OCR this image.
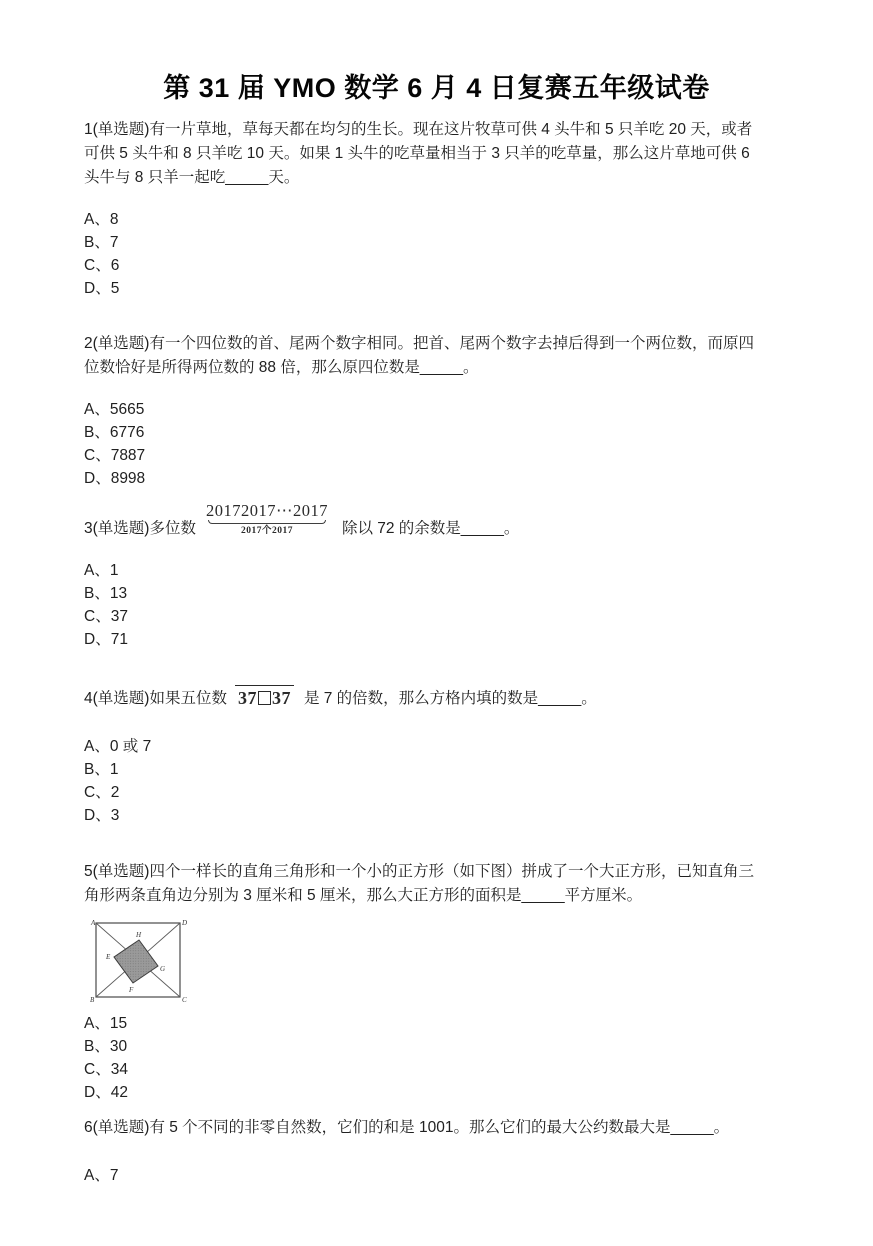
第 31 届 YMO 数学 6 月 4 日复赛五年级试卷
1(单选题)有一片草地，草每天都在均匀的生长。现在这片牧草可供 4 头牛和 5 只羊吃 20 天，或者
可供 5 头牛和 8 只羊吃 10 天。如果 1 头牛的吃草量相当于 3 只羊的吃草量，那么这片草地可供 6
头牛与 8 只羊一起吃_____天。
A、8
B、7
C、6
D、5
2(单选题)有一个四位数的首、尾两个数字相同。把首、尾两个数字去掉后得到一个两位数，而原四
位数恰好是所得两位数的 88 倍，那么原四位数是_____。
A、5665
B、6776
C、7887
D、8998
3(单选题)多位数
20172017⋯2017
2017个2017	除以 72 的余数是_____。
A、1
B、13
C、37
D、71
4(单选题)如果五位数 37 37 是 7 的倍数，那么方格内填的数是_____。
A、0 或 7
B、1
C、2
D、3
5(单选题)四个一样长的直角三角形和一个小的正方形（如下图）拼成了一个大正方形，已知直角三
角形两条直角边分别为 3 厘米和 5 厘米，那么大正方形的面积是_____平方厘米。
A	D
B	C
H
E
G
F
A、15
B、30
C、34
D、42
6(单选题)有 5 个不同的非零自然数，它们的和是 1001。那么它们的最大公约数最大是_____。
A、7
